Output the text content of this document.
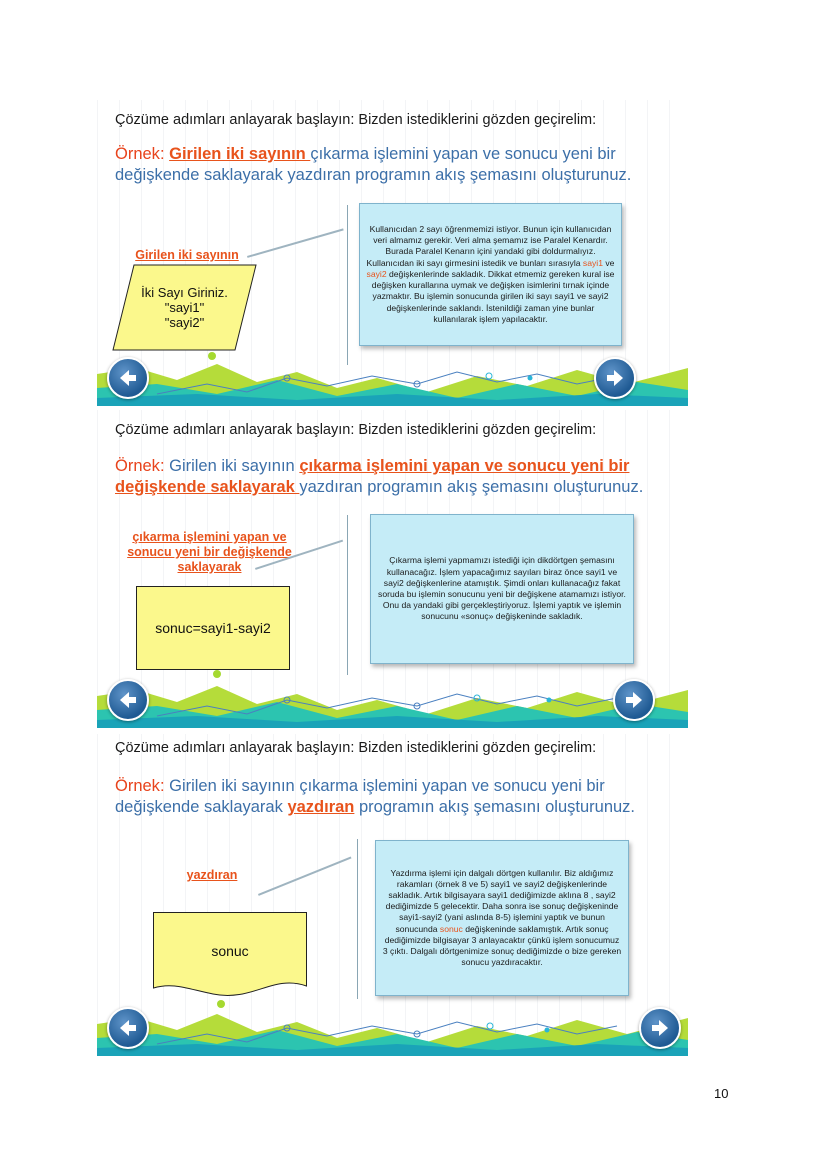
Çözüme adımları anlayarak başlayın: Bizden istediklerini gözden geçirelim:
Örnek: Girilen iki sayının çıkarma işlemini yapan ve sonucu yeni bir değişkende saklayarak yazdıran programın akış şemasını oluşturunuz.
Girilen iki sayının
İki Sayı Giriniz.
"sayi1"
"sayi2"
Kullanıcıdan 2 sayı öğrenmemizi istiyor. Bunun için kullanıcıdan veri almamız gerekir. Veri alma şemamız ise Paralel Kenardır. Burada Paralel Kenarın içini yandaki gibi doldurmalıyız. Kullanıcıdan iki sayı girmesini istedik ve bunları sırasıyla sayi1 ve sayi2 değişkenlerinde sakladık. Dikkat etmemiz gereken kural ise değişken kurallarına uymak ve değişken isimlerini tırnak içinde yazmaktır. Bu işlemin sonucunda girilen iki sayı sayi1 ve sayi2 değişkenlerinde saklandı. İstenildiği zaman yine bunlar kullanılarak işlem yapılacaktır.
Çözüme adımları anlayarak başlayın: Bizden istediklerini gözden geçirelim:
Örnek: Girilen iki sayının çıkarma işlemini yapan ve sonucu yeni bir değişkende saklayarak yazdıran programın akış şemasını oluşturunuz.
çıkarma işlemini yapan ve sonucu yeni bir değişkende saklayarak
sonuc=sayi1-sayi2
Çıkarma işlemi yapmamızı istediği için dikdörtgen şemasını kullanacağız. İşlem yapacağımız sayıları biraz önce sayi1 ve sayi2 değişkenlerine atamıştık. Şimdi onları kullanacağız fakat soruda bu işlemin sonucunu yeni bir değişkene atamamızı istiyor. Onu da yandaki gibi gerçekleştiriyoruz. İşlemi yaptık ve işlemin sonucunu «sonuç» değişkeninde sakladık.
Çözüme adımları anlayarak başlayın: Bizden istediklerini gözden geçirelim:
Örnek: Girilen iki sayının çıkarma işlemini yapan ve sonucu yeni bir değişkende saklayarak yazdıran programın akış şemasını oluşturunuz.
yazdıran
sonuc
Yazdırma işlemi için dalgalı dörtgen kullanılır. Biz aldığımız rakamları (örnek 8 ve 5) sayi1 ve sayi2 değişkenlerinde sakladık. Artık bilgisayara sayi1 dediğimizde aklına 8 , sayi2 dediğimizde 5 gelecektir. Daha sonra ise sonuç değişkeninde sayi1-sayi2 (yani aslında 8-5) işlemini yaptık ve bunun sonucunda sonuc değişkeninde saklamıştık. Artık sonuç dediğimizde bilgisayar 3 anlayacaktır çünkü işlem sonucumuz 3 çıktı. Dalgalı dörtgenimize sonuç dediğimizde o bize gereken sonucu yazdıracaktır.
10
